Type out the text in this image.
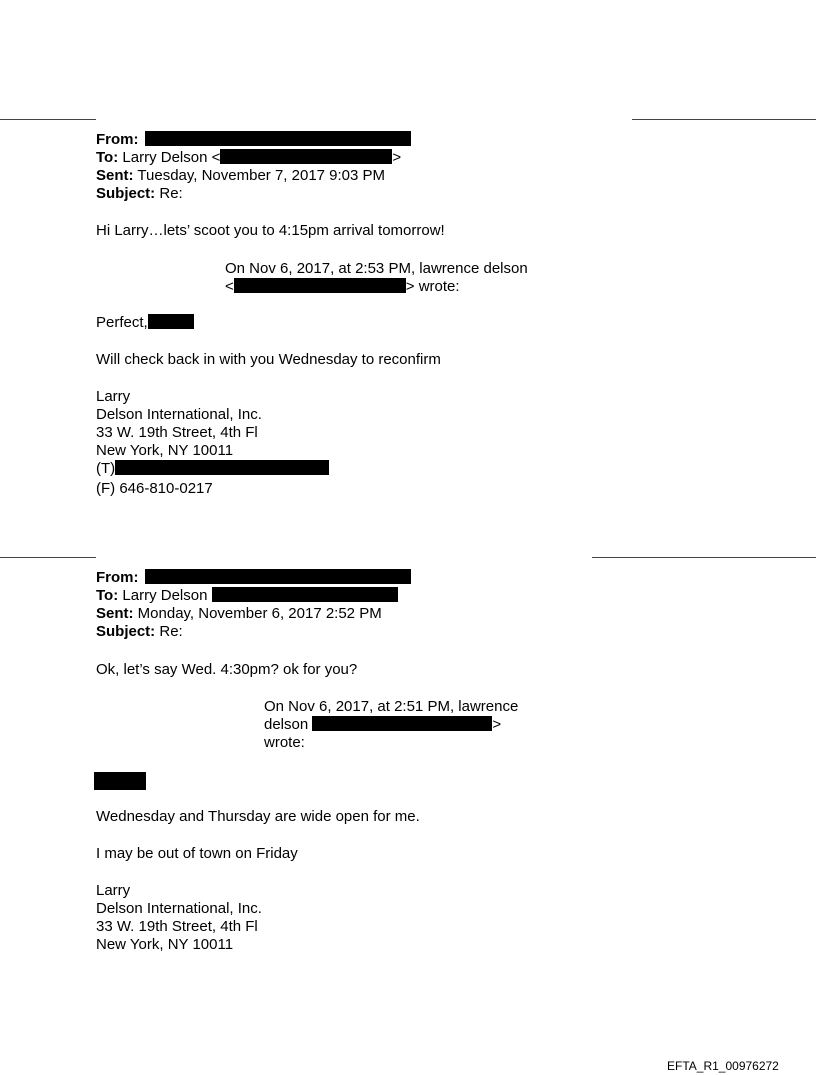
From:
To: Larry Delson <	>
Sent: Tuesday, November 7, 2017 9:03 PM
Subject: Re:
Hi Larry…lets’ scoot you to 4:15pm arrival tomorrow!
On Nov 6, 2017, at 2:53 PM, lawrence delson
<	> wrote:
Perfect,
Will check back in with you Wednesday to reconfirm
Larry
Delson International, Inc.
33 W. 19th Street, 4th Fl
New York, NY 10011
(T)
(F) 646-810-0217
From:
To: Larry Delson
Sent: Monday, November 6, 2017 2:52 PM
Subject: Re:
Ok, let’s say Wed. 4:30pm? ok for you?
On Nov 6, 2017, at 2:51 PM, lawrence
delson	>
wrote:
Wednesday and Thursday are wide open for me.
I may be out of town on Friday
Larry
Delson International, Inc.
33 W. 19th Street, 4th Fl
New York, NY 10011
EFTA_R1_00976272
